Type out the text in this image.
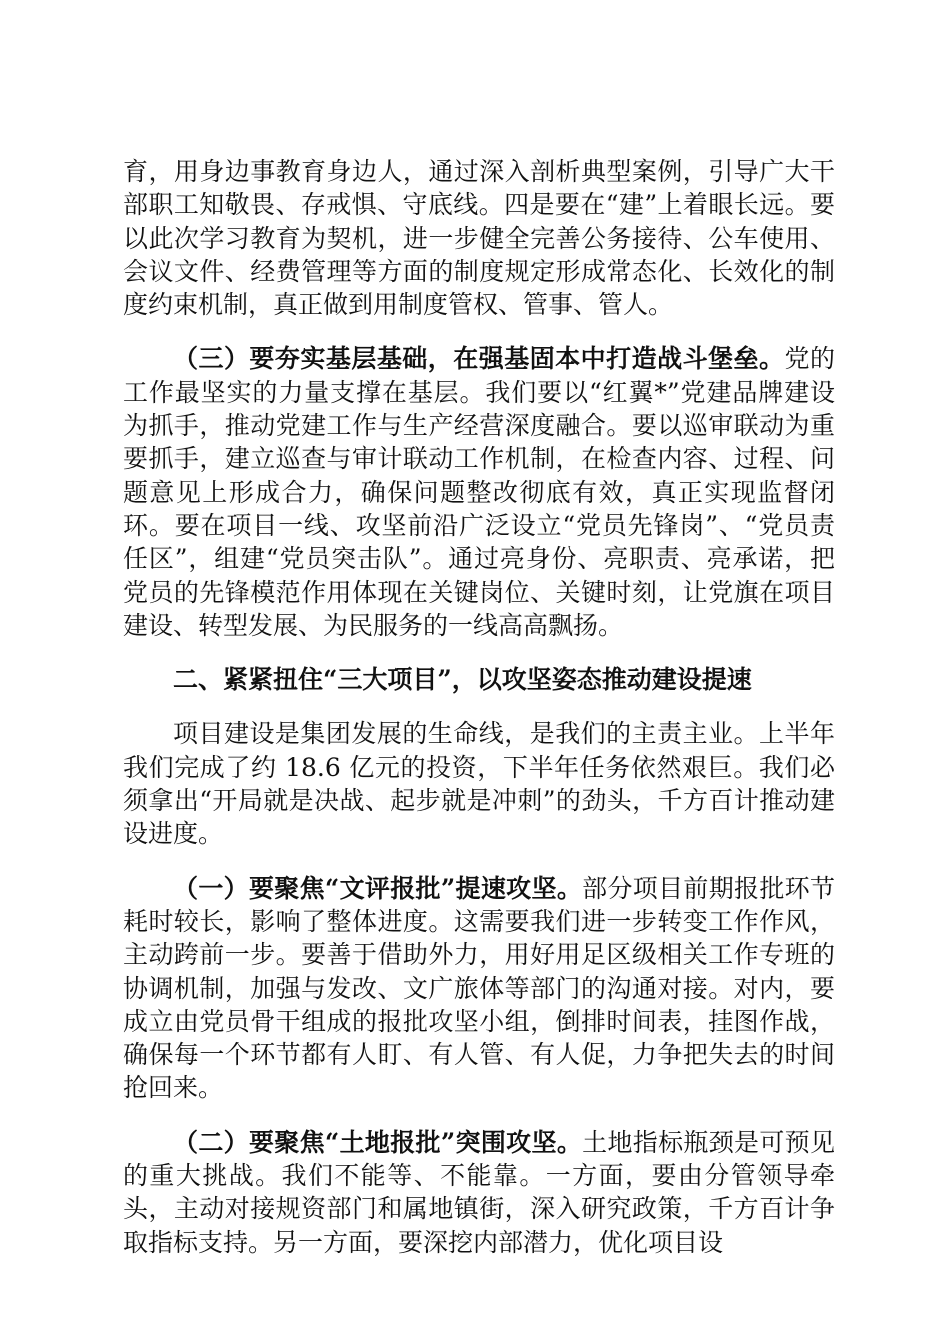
育，用身边事教育身边人，通过深入剖析典型案例，引导广大干部职工知敬畏、存戒惧、守底线。四是要在“建”上着眼长远。要以此次学习教育为契机，进一步健全完善公务接待、公车使用、会议文件、经费管理等方面的制度规定形成常态化、长效化的制度约束机制，真正做到用制度管权、管事、管人。

（三）要夯实基层基础，在强基固本中打造战斗堡垒。党的工作最坚实的力量支撑在基层。我们要以“红翼*”党建品牌建设为抓手，推动党建工作与生产经营深度融合。要以巡审联动为重要抓手，建立巡查与审计联动工作机制，在检查内容、过程、问题意见上形成合力，确保问题整改彻底有效，真正实现监督闭环。要在项目一线、攻坚前沿广泛设立“党员先锋岗”、“党员责任区”，组建“党员突击队”。通过亮身份、亮职责、亮承诺，把党员的先锋模范作用体现在关键岗位、关键时刻，让党旗在项目建设、转型发展、为民服务的一线高高飘扬。

二、紧紧扭住“三大项目”，以攻坚姿态推动建设提速

项目建设是集团发展的生命线，是我们的主责主业。上半年我们完成了约 18.6 亿元的投资，下半年任务依然艰巨。我们必须拿出“开局就是决战、起步就是冲刺”的劲头，千方百计推动建设进度。

（一）要聚焦“文评报批”提速攻坚。部分项目前期报批环节耗时较长，影响了整体进度。这需要我们进一步转变工作作风，主动跨前一步。要善于借助外力，用好用足区级相关工作专班的协调机制，加强与发改、文广旅体等部门的沟通对接。对内，要成立由党员骨干组成的报批攻坚小组，倒排时间表，挂图作战，确保每一个环节都有人盯、有人管、有人促，力争把失去的时间抢回来。

（二）要聚焦“土地报批”突围攻坚。土地指标瓶颈是可预见的重大挑战。我们不能等、不能靠。一方面，要由分管领导牵头，主动对接规资部门和属地镇街，深入研究政策，千方百计争取指标支持。另一方面，要深挖内部潜力，优化项目设
